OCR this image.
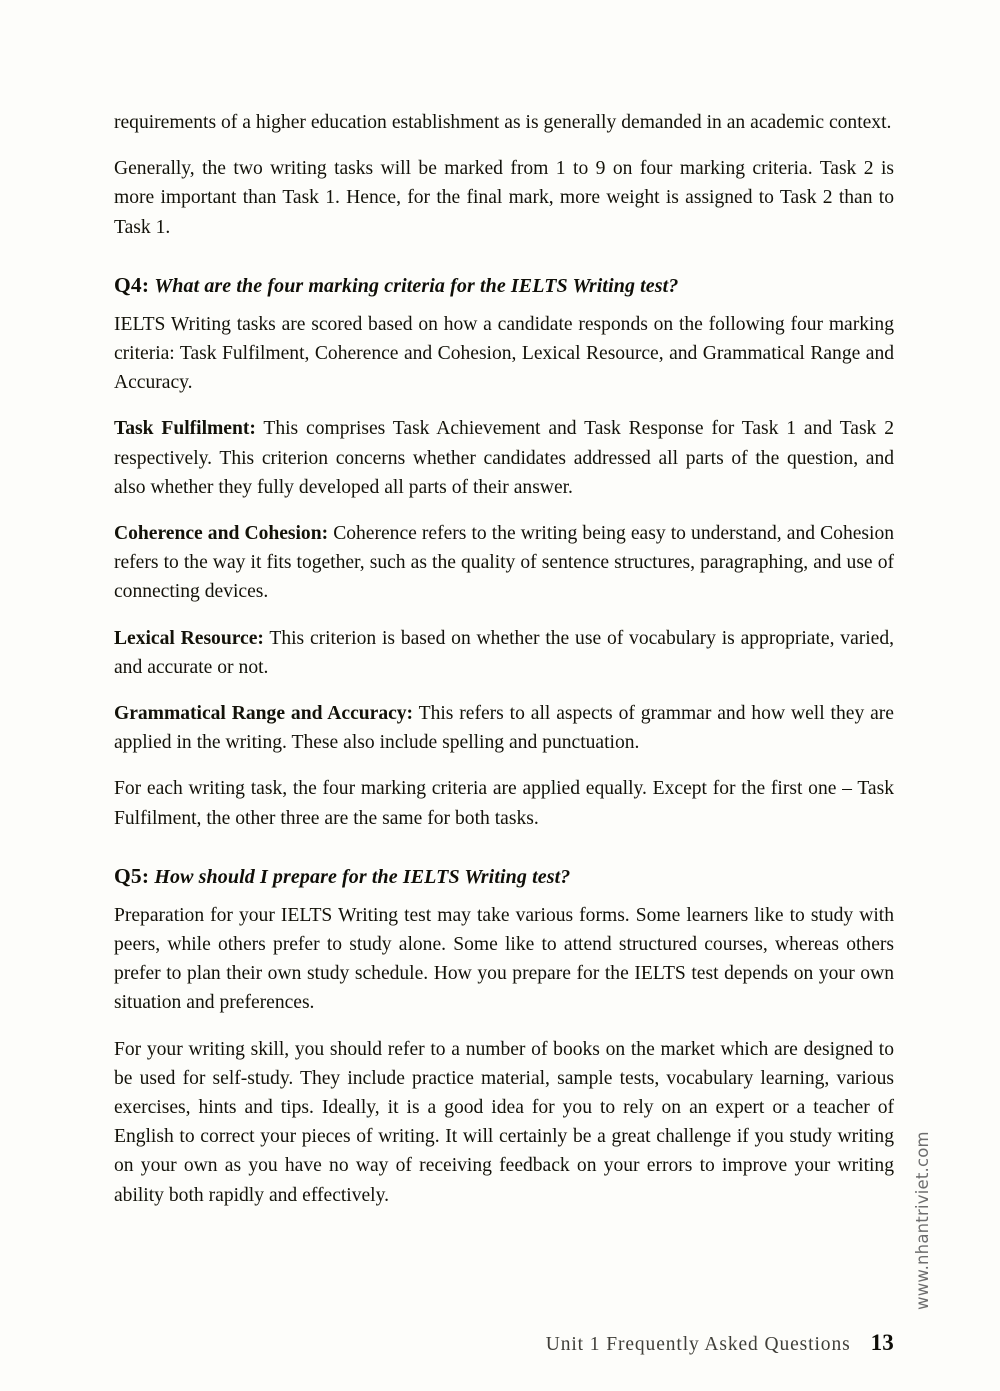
requirements of a higher education establishment as is generally demanded in an academic context.

Generally, the two writing tasks will be marked from 1 to 9 on four marking criteria. Task 2 is more important than Task 1. Hence, for the final mark, more weight is assigned to Task 2 than to Task 1.

Q4: What are the four marking criteria for the IELTS Writing test?

IELTS Writing tasks are scored based on how a candidate responds on the following four marking criteria: Task Fulfilment, Coherence and Cohesion, Lexical Resource, and Grammatical Range and Accuracy.

Task Fulfilment: This comprises Task Achievement and Task Response for Task 1 and Task 2 respectively. This criterion concerns whether candidates addressed all parts of the question, and also whether they fully developed all parts of their answer.

Coherence and Cohesion: Coherence refers to the writing being easy to understand, and Cohesion refers to the way it fits together, such as the quality of sentence structures, paragraphing, and use of connecting devices.

Lexical Resource: This criterion is based on whether the use of vocabulary is appropriate, varied, and accurate or not.

Grammatical Range and Accuracy: This refers to all aspects of grammar and how well they are applied in the writing. These also include spelling and punctuation.

For each writing task, the four marking criteria are applied equally. Except for the first one – Task Fulfilment, the other three are the same for both tasks.

Q5: How should I prepare for the IELTS Writing test?

Preparation for your IELTS Writing test may take various forms. Some learners like to study with peers, while others prefer to study alone. Some like to attend structured courses, whereas others prefer to plan their own study schedule. How you prepare for the IELTS test depends on your own situation and preferences.

For your writing skill, you should refer to a number of books on the market which are designed to be used for self-study. They include practice material, sample tests, vocabulary learning, various exercises, hints and tips. Ideally, it is a good idea for you to rely on an expert or a teacher of English to correct your pieces of writing. It will certainly be a great challenge if you study writing on your own as you have no way of receiving feedback on your errors to improve your writing ability both rapidly and effectively.	www.nhantriviet.com
Unit 1 Frequently Asked Questions 13
